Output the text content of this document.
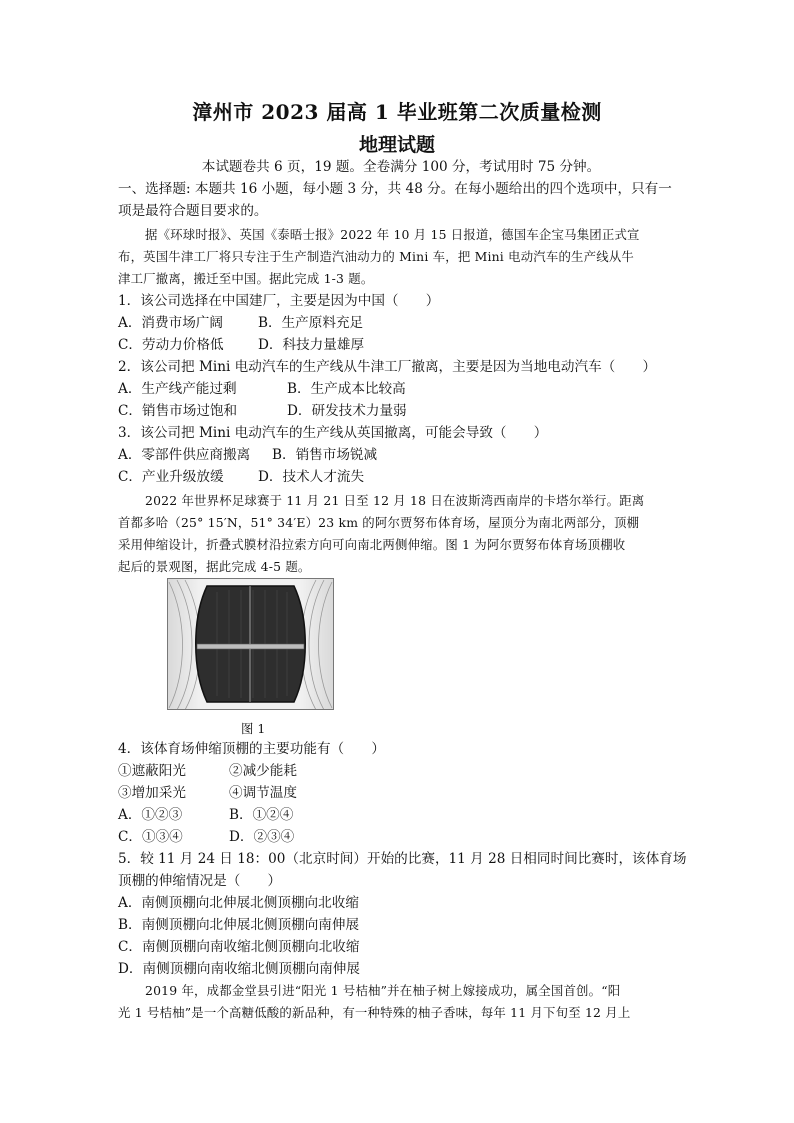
漳州市 2023 届高 1 毕业班第二次质量检测
地理试题
本试题卷共 6 页，19 题。全卷满分 100 分，考试用时 75 分钟。
一、选择题: 本题共 16 小题，每小题 3 分，共 48 分。在每小题给出的四个选项中，只有一
项是最符合题目要求的。
据《环球时报》、英国《泰晤士报》2022 年 10 月 15 日报道，德国车企宝马集团正式宣
布，英国牛津工厂将只专注于生产制造汽油动力的 Mini 车，把 Mini 电动汽车的生产线从牛
津工厂撤离，搬迁至中国。据此完成 1-3 题。
1．该公司选择在中国建厂，主要是因为中国（　　）
A．消费市场广阔	B．生产原料充足
C．劳动力价格低	D．科技力量雄厚
2．该公司把 Mini 电动汽车的生产线从牛津工厂撤离，主要是因为当地电动汽车（　　）
A．生产线产能过剩	B．生产成本比较高
C．销售市场过饱和	D．研发技术力量弱
3．该公司把 Mini 电动汽车的生产线从英国撤离，可能会导致（　　）
A．零部件供应商搬离 B．销售市场锐减
C．产业升级放缓	D．技术人才流失
2022 年世界杯足球赛于 11 月 21 日至 12 月 18 日在波斯湾西南岸的卡塔尔举行。距离
首都多哈（25° 15′N，51° 34′E）23 km 的阿尔贾努布体育场，屋顶分为南北两部分，顶棚
采用伸缩设计，折叠式膜材沿拉索方向可向南北两侧伸缩。图 1 为阿尔贾努布体育场顶棚收
起后的景观图，据此完成 4-5 题。
图 1
4．该体育场伸缩顶棚的主要功能有（　　）
①遮蔽阳光	②减少能耗
③增加采光	④调节温度
A．①②③	B．①②④
C．①③④	D．②③④
5．较 11 月 24 日 18：00（北京时间）开始的比赛，11 月 28 日相同时间比赛时，该体育场
顶棚的伸缩情况是（　　）
A．南侧顶棚向北伸展北侧顶棚向北收缩
B．南侧顶棚向北伸展北侧顶棚向南伸展
C．南侧顶棚向南收缩北侧顶棚向北收缩
D．南侧顶棚向南收缩北侧顶棚向南伸展
2019 年，成都金堂县引进“阳光 1 号桔柚”并在柚子树上嫁接成功，属全国首创。“阳
光 1 号桔柚”是一个高糖低酸的新品种，有一种特殊的柚子香味，每年 11 月下旬至 12 月上
